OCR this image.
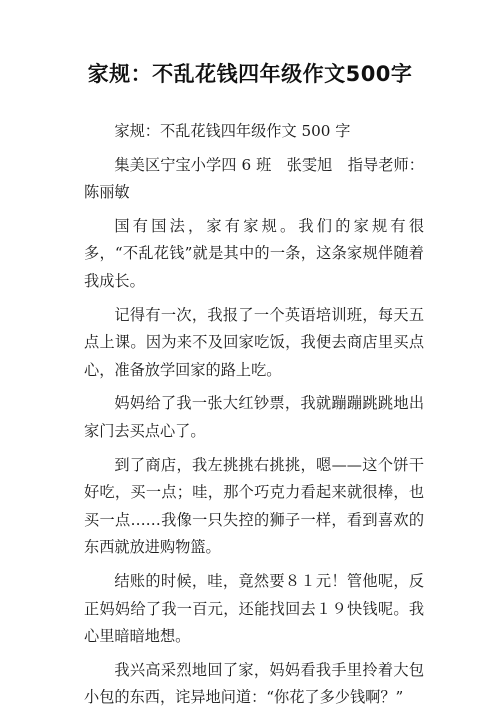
家规：不乱花钱四年级作文500字

家规：不乱花钱四年级作文 500 字

集美区宁宝小学四 6 班　张雯旭　指导老师：陈丽敏

国有国法，家有家规。我们的家规有很多，“不乱花钱”就是其中的一条，这条家规伴随着我成长。

记得有一次，我报了一个英语培训班，每天五点上课。因为来不及回家吃饭，我便去商店里买点心，准备放学回家的路上吃。

妈妈给了我一张大红钞票，我就蹦蹦跳跳地出家门去买点心了。

到了商店，我左挑挑右挑挑，嗯——这个饼干好吃，买一点；哇，那个巧克力看起来就很棒，也买一点……我像一只失控的狮子一样，看到喜欢的东西就放进购物篮。

结账的时候，哇，竟然要８１元！管他呢，反正妈妈给了我一百元，还能找回去１９快钱呢。我心里暗暗地想。

我兴高采烈地回了家，妈妈看我手里拎着大包小包的东西，诧异地问道：“你花了多少钱啊？”
